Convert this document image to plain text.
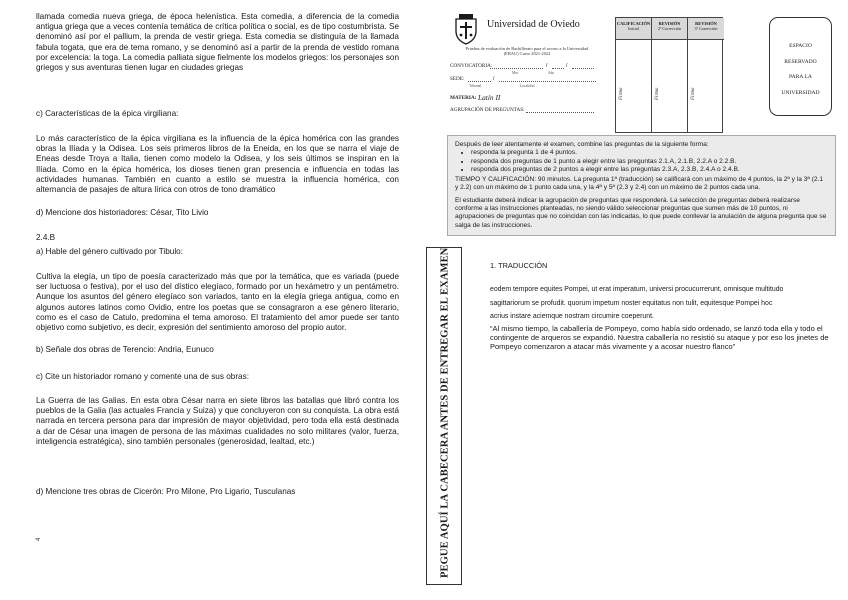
llamada comedia nueva griega, de época helenística. Esta comedia, a diferencia de la comedia antigua griega que a veces contenía temática de crítica política o social, es de tipo costumbrista. Se denominó así por el pallium, la prenda de vestir griega. Esta comedia se distinguía de la llamada fabula togata, que era de tema romano, y se denominó así a partir de la prenda de vestido romana por excelencia: la toga. La comedia palliata sigue fielmente los modelos griegos: los personajes son griegos y sus aventuras tienen lugar en ciudades griegas
c) Características de la épica virgiliana:
Lo más característico de la épica virgiliana es la influencia de la épica homérica con las grandes obras la Ilíada y la Odisea. Los seis primeros libros de la Eneida, en los que se narra el viaje de Eneas desde Troya a Italia, tienen como modelo la Odisea, y los seis últimos se inspiran en la Ilíada. Como en la épica homérica, los dioses tienen gran presencia e influencia en todas las actividades humanas. También en cuanto a estilo se muestra la influencia homérica, con alternancia de pasajes de altura lírica con otros de tono dramático
d) Mencione dos historiadores: César, Tito Livio
2.4.B
a) Hable del género cultivado por Tibulo:
Cultiva la elegía, un tipo de poesía caracterizado más que por la temática, que es variada (puede ser luctuosa o festiva), por el uso del dístico elegíaco, formado por un hexámetro y un pentámetro. Aunque los asuntos del género elegíaco son variados, tanto en la elegía griega antigua, como en algunos autores latinos como Ovidio, entre los poetas que se consagraron a ese género literario, como es el caso de Catulo, predomina el tema amoroso. El tratamiento del amor puede ser tanto objetivo como subjetivo, es decir, expresión del sentimiento amoroso del propio autor.
b) Señale dos obras de Terencio: Andria, Eunuco
c) Cite un historiador romano y comente una de sus obras:
La Guerra de las Galias. En esta obra César narra en siete libros las batallas que libró contra los pueblos de la Galia (las actuales Francia y Suiza) y que concluyeron con su conquista. La obra está narrada en tercera persona para dar impresión de mayor objetividad, pero toda ella está destinada a dar de César una imagen de persona de las máximas cualidades no solo militares (valor, fuerza, inteligencia estratégica), sino también personales (generosidad, lealtad, etc.)
d) Mencione tres obras de Cicerón: Pro Milone, Pro Ligario, Tusculanas
4
Universidad de Oviedo
Pruebas de evaluación de Bachillerato para el acceso a la Universidad
(EBAU) Curso 2021-2022
CONVOCATORIA:	/	/
Mes	Año
SEDE:	/
Tribunal	Localidad
MATERIA: Latín II
AGRUPACIÓN DE PREGUNTAS:
CALIFICACIÓN
Inicial
Firma
REVISIÓN
2ª Corrección
Firma
REVISIÓN
3ª Corrección
Firma
ESPACIO
RESERVADO
PARA LA
UNIVERSIDAD
Después de leer atentamente el examen, combine las preguntas de la siguiente forma:
• responda la pregunta 1 de 4 puntos.
• responda dos preguntas de 1 punto a elegir entre las preguntas 2.1.A, 2.1.B, 2.2.A o 2.2.B.
• responda dos preguntas de 2 puntos a elegir entre las preguntas 2.3.A, 2.3.B, 2.4.A o 2.4.B.

TIEMPO Y CALIFICACIÓN: 90 minutos. La pregunta 1ª (traducción) se calificará con un máximo de 4 puntos, la 2ª y la 3ª (2.1 y 2.2) con un máximo de 1 punto cada una, y la 4ª y 5ª (2.3 y 2.4) con un máximo de 2 puntos cada una.

El estudiante deberá indicar la agrupación de preguntas que responderá. La selección de preguntas deberá realizarse conforme a las instrucciones planteadas, no siendo válido seleccionar preguntas que sumen más de 10 puntos, ni agrupaciones de preguntas que no coincidan con las indicadas, lo que puede conllevar la anulación de alguna pregunta que se salga de las instrucciones.

PEGUE AQUÍ LA CABECERA ANTES DE ENTREGAR EL EXAMEN	1. TRADUCCIÓN
eodem tempore equites Pompei, ut erat imperatum, universi procucurrerunt, omnisque multitudo
sagittariorum se profudit. quorum impetum noster equitatus non tulit, equitesque Pompei hoc
acrius instare aciemque nostram circumire coeperunt.
“Al mismo tiempo, la caballería de Pompeyo, como había sido ordenado, se lanzó toda ella y todo el contingente de arqueros se expandió. Nuestra caballería no resistió su ataque y por eso los jinetes de Pompeyo comenzaron a atacar más vivamente y a acosar nuestro flanco”
